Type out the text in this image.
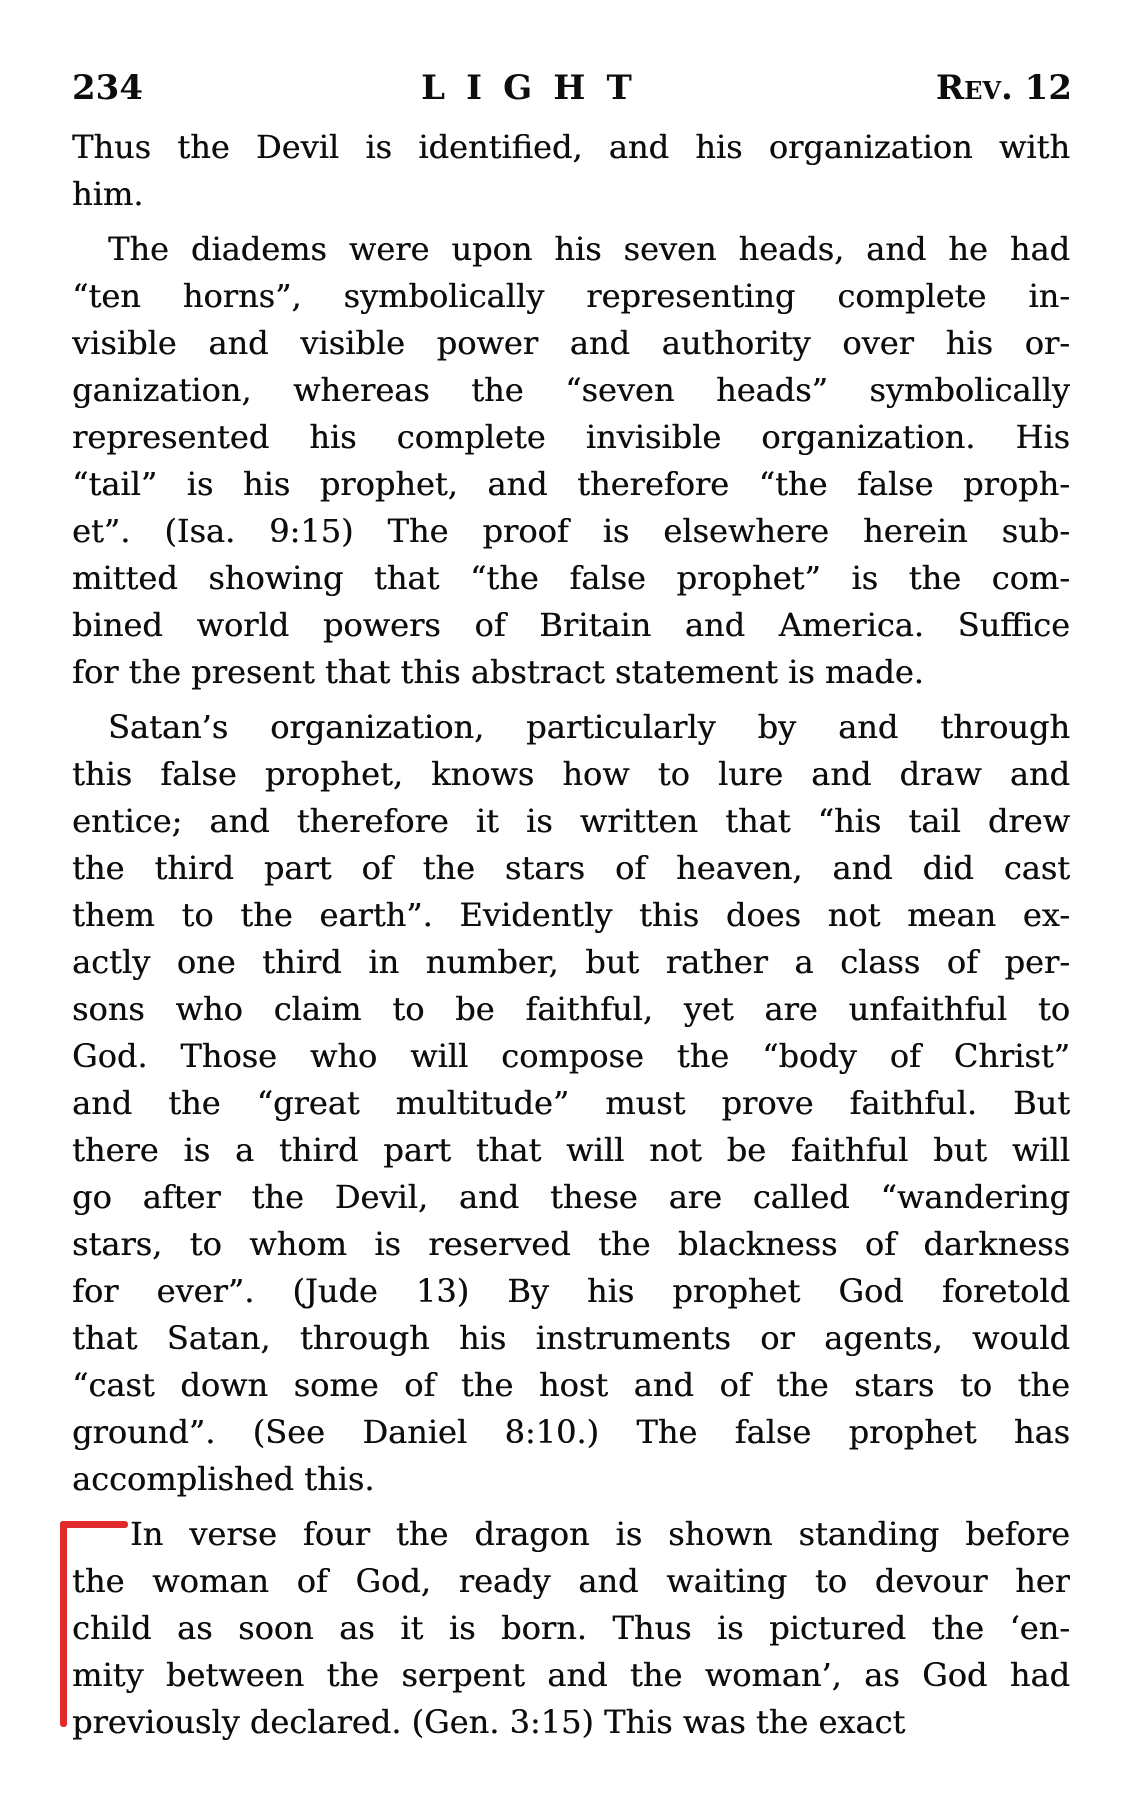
234	LIGHT	Rev. 12
Thus the Devil is identified, and his organization with
him.
The diadems were upon his seven heads, and he had
“ten horns”, symbolically representing complete in-
visible and visible power and authority over his or-
ganization, whereas the “seven heads” symbolically
represented his complete invisible organization. His
“tail” is his prophet, and therefore “the false proph-
et”. (Isa. 9:15) The proof is elsewhere herein sub-
mitted showing that “the false prophet” is the com-
bined world powers of Britain and America. Suffice
for the present that this abstract statement is made.
Satan’s organization, particularly by and through
this false prophet, knows how to lure and draw and
entice; and therefore it is written that “his tail drew
the third part of the stars of heaven, and did cast
them to the earth”. Evidently this does not mean ex-
actly one third in number, but rather a class of per-
sons who claim to be faithful, yet are unfaithful to
God. Those who will compose the “body of Christ”
and the “great multitude” must prove faithful. But
there is a third part that will not be faithful but will
go after the Devil, and these are called “wandering
stars, to whom is reserved the blackness of darkness
for ever”. (Jude 13) By his prophet God foretold
that Satan, through his instruments or agents, would
“cast down some of the host and of the stars to the
ground”. (See Daniel 8:10.) The false prophet has
accomplished this.
In verse four the dragon is shown standing before
the woman of God, ready and waiting to devour her
child as soon as it is born. Thus is pictured the ‘en-
mity between the serpent and the woman’, as God had
previously declared. (Gen. 3:15) This was the exact
